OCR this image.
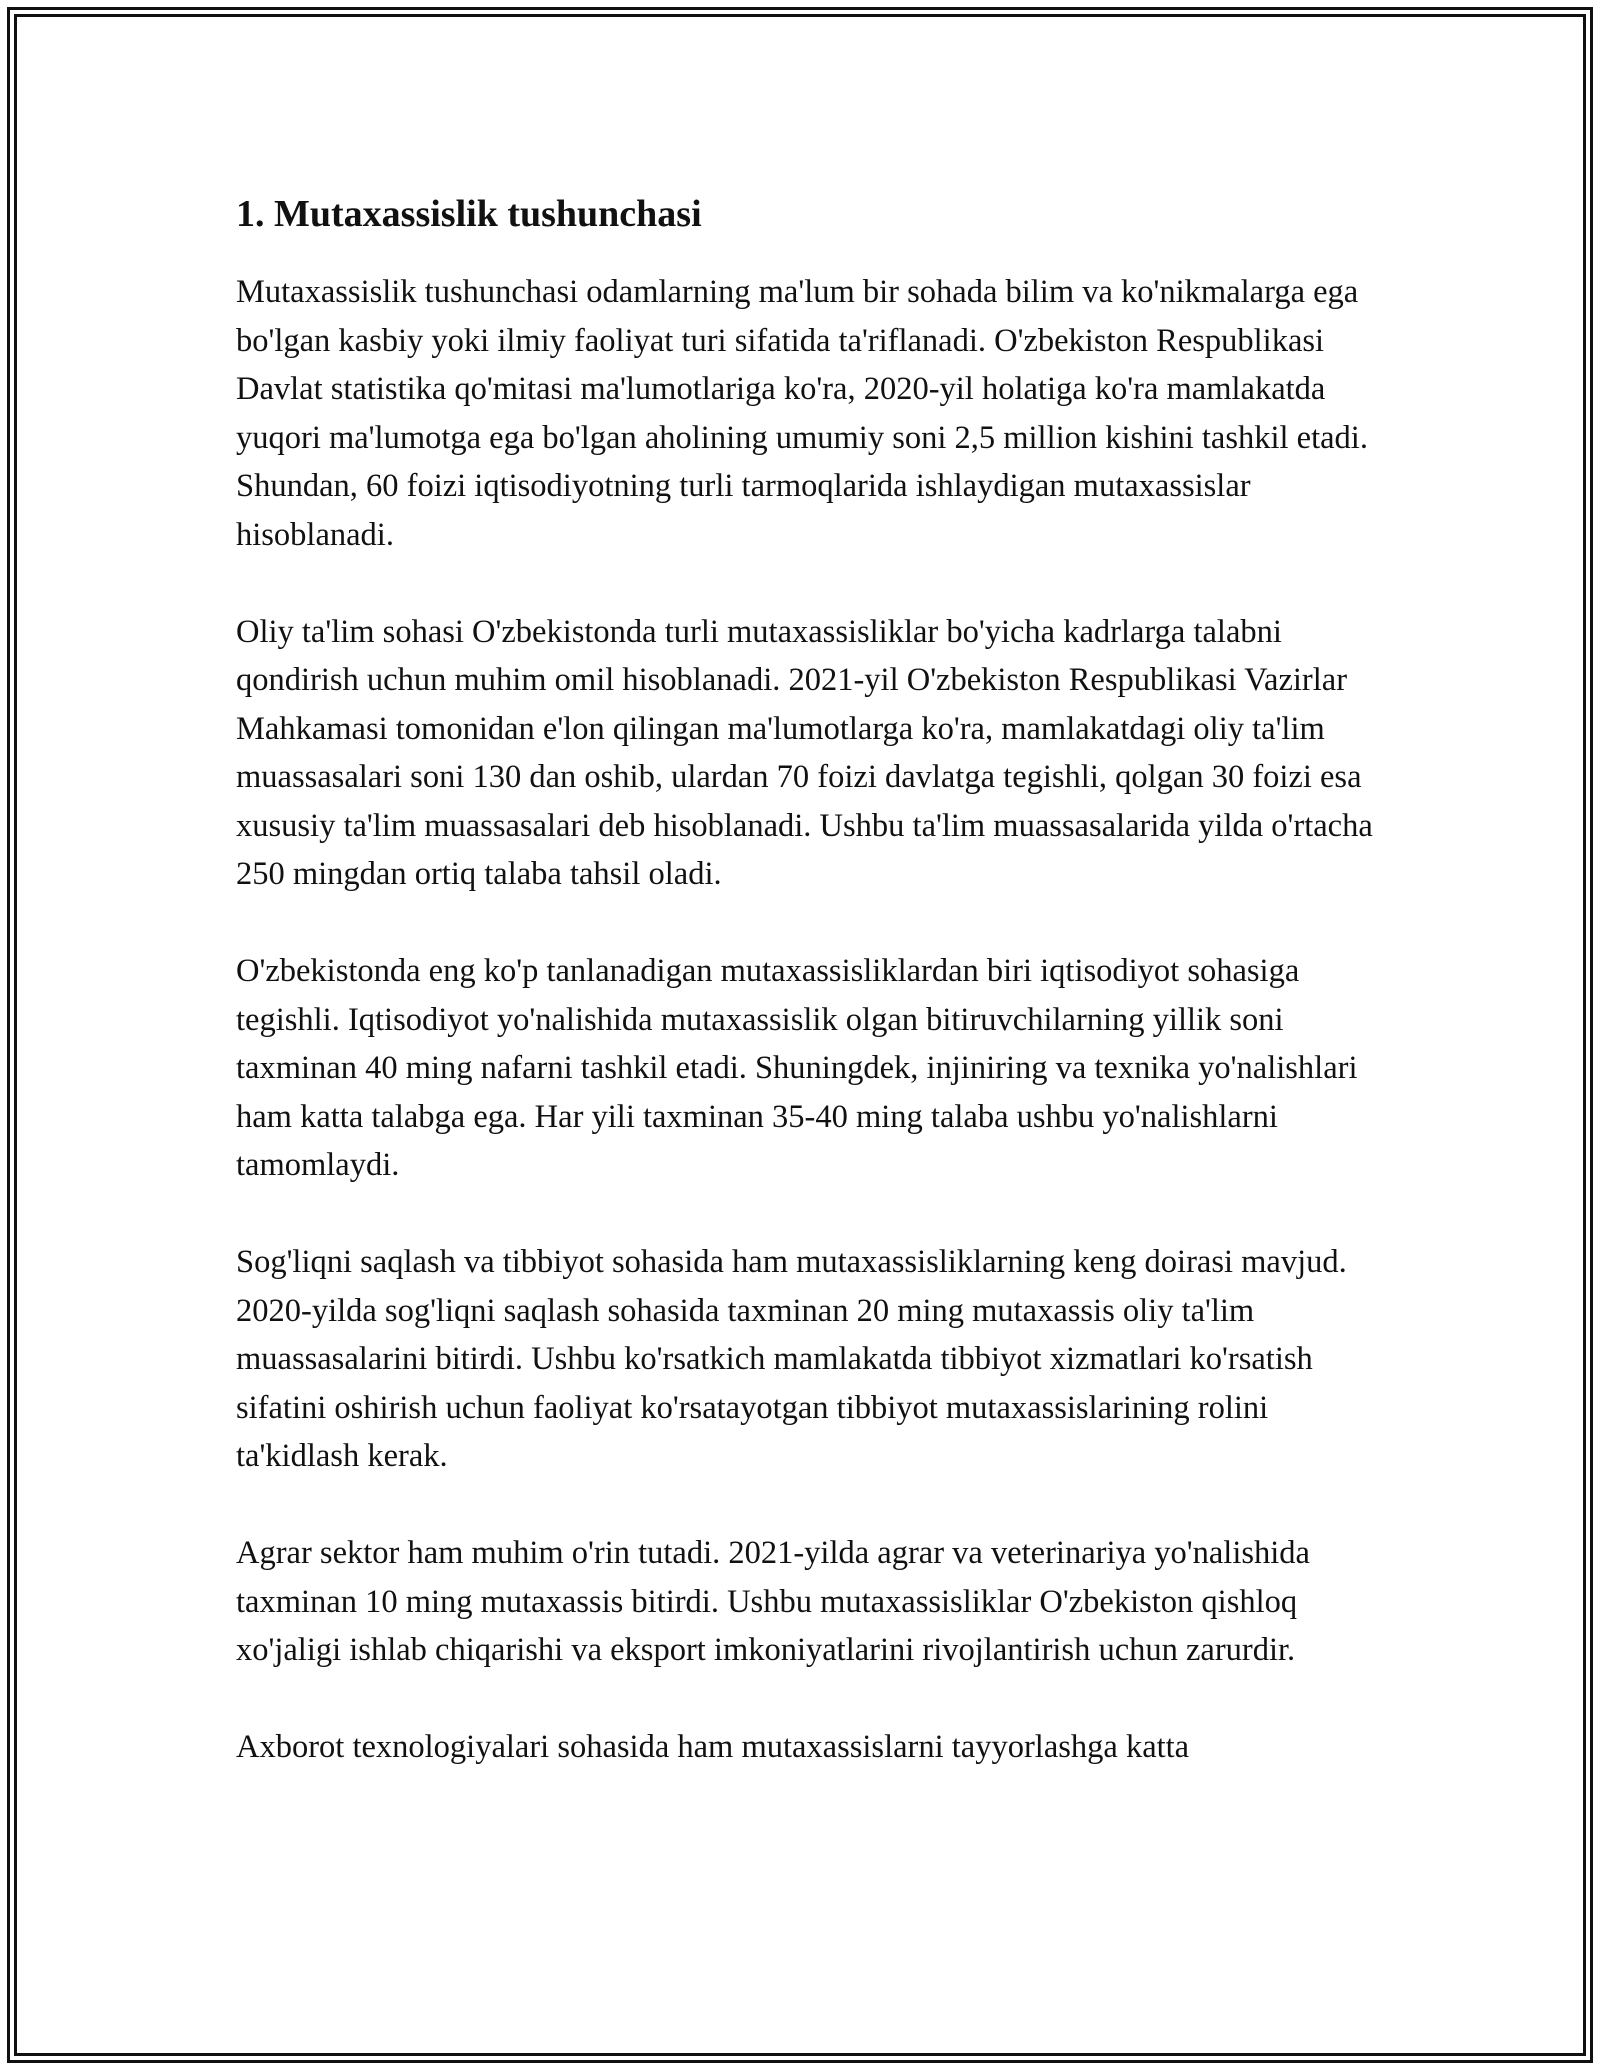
1. Mutaxassislik tushunchasi

Mutaxassislik tushunchasi odamlarning ma'lum bir sohada bilim va ko'nikmalarga ega bo'lgan kasbiy yoki ilmiy faoliyat turi sifatida ta'riflanadi. O'zbekiston Respublikasi Davlat statistika qo'mitasi ma'lumotlariga ko'ra, 2020-yil holatiga ko'ra mamlakatda yuqori ma'lumotga ega bo'lgan aholining umumiy soni 2,5 million kishini tashkil etadi. Shundan, 60 foizi iqtisodiyotning turli tarmoqlarida ishlaydigan mutaxassislar hisoblanadi.

Oliy ta'lim sohasi O'zbekistonda turli mutaxassisliklar bo'yicha kadrlarga talabni qondirish uchun muhim omil hisoblanadi. 2021-yil O'zbekiston Respublikasi Vazirlar Mahkamasi tomonidan e'lon qilingan ma'lumotlarga ko'ra, mamlakatdagi oliy ta'lim muassasalari soni 130 dan oshib, ulardan 70 foizi davlatga tegishli, qolgan 30 foizi esa xususiy ta'lim muassasalari deb hisoblanadi. Ushbu ta'lim muassasalarida yilda o'rtacha 250 mingdan ortiq talaba tahsil oladi.

O'zbekistonda eng ko'p tanlanadigan mutaxassisliklardan biri iqtisodiyot sohasiga tegishli. Iqtisodiyot yo'nalishida mutaxassislik olgan bitiruvchilarning yillik soni taxminan 40 ming nafarni tashkil etadi. Shuningdek, injiniring va texnika yo'nalishlari ham katta talabga ega. Har yili taxminan 35-40 ming talaba ushbu yo'nalishlarni tamomlaydi.

Sog'liqni saqlash va tibbiyot sohasida ham mutaxassisliklarning keng doirasi mavjud. 2020-yilda sog'liqni saqlash sohasida taxminan 20 ming mutaxassis oliy ta'lim muassasalarini bitirdi. Ushbu ko'rsatkich mamlakatda tibbiyot xizmatlari ko'rsatish sifatini oshirish uchun faoliyat ko'rsatayotgan tibbiyot mutaxassislarining rolini ta'kidlash kerak.

Agrar sektor ham muhim o'rin tutadi. 2021-yilda agrar va veterinariya yo'nalishida taxminan 10 ming mutaxassis bitirdi. Ushbu mutaxassisliklar O'zbekiston qishloq xo'jaligi ishlab chiqarishi va eksport imkoniyatlarini rivojlantirish uchun zarurdir.

Axborot texnologiyalari sohasida ham mutaxassislarni tayyorlashga katta
